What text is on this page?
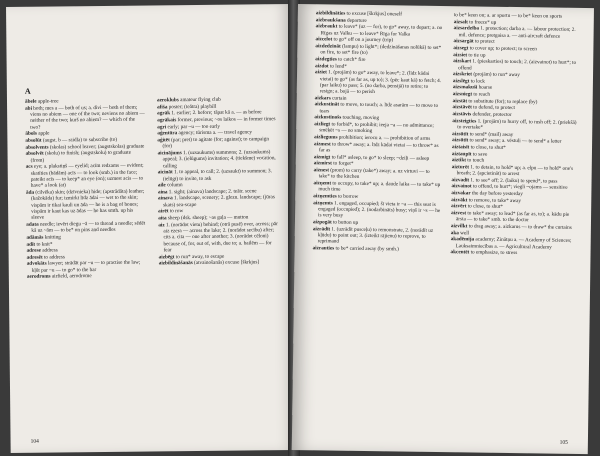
A
ābele apple-tree
abi both; mes a — both of us; a. divi — both of them; viens no abiem — one of the two; neviens no abiem — neither of the two; kurš no abiem? — which of the two?
ābols apple
absolūt (augst. b — raidla) to subscribe (to)
absolvents (skolas) school leaver; (augstskolas) graduate
absolvēt (skolu) to finish; (augstskolu) to graduate (from)
acs eye; a. plakstiņš — eyelid; acīm redzams — evident; skatīties (bādām) acīs — to look (smb.) in the face; pateikt acīs — to keep* an eye (on); uzmest acis — to have* a look (at)
āda (cilvēka) skin; (dzīvnieka) hide; (apstrādāta) leather; (kažokāda) fur; izmirkt līdz ādai — wet to the skin; vispām ir tikai kauli un āda — he is a bag of bones; vispām ir kaut kas uz ādas — he has smth. up his sleeve
adata needle; ievērt diegu ~ā — to thread a needle; sēdēt kā uz ~ām — to be* on pins and needles
adāmās knitting
adīt to knit*
adrese address
adresēt to address
advokāts lawyer; strādāt par ~u — to practise the law; kļūt par ~u — to go* to the bar
aerodroms airfield, aerodrome
aeroklubs amateur flying club
afiša poster; (teātra) playbill
agrāk 1. earlier; 2. before; tāpat kā a. — as before
agrākais former, previous; ~os laikos — in former times
agri early; par ~u — too early
aģentūra agency; tūrisma a. — travel agency
aģitēt (par; pret) to agitate (for; against); to campaign (for)
aicinājums 1. (uzsaukums) summons; 2. (uzsaukums) appeal; 3. (ielūgums) invitation; 4. (tiekšme) vocation, calling
aicināt 1. to appeal, to call; 2. (uzsaukt) to summon; 3. (ielūgt) to invite, to ask
aile column
aina 1. sight; (ainava) landscape; 2. teātr. scene
ainava 1. landscape, scenery; 2. glezn. landscape; (jūras skats) sea-scape
airēt to row
aita sheep (dsk. sheep); ~as gaļa — mutton
aiz 1. (norādot vietu) behind; (otrā pusē) over, across; pār aiz ezera — across the lake; 2. (norādot secību) after; cits a. cita — one after another; 3. (norādot cēloni) because of, for, out of, with, due to; a. bailēm — for fear
aizbēgt to run* away, to escape
aizbildināšanās (atvainošanās) excuse [škrkjus]
104
aizbildināties to excuse [škrkjus] oneself
aizbraukšana departure
aizbraukt to leave* (uz — for), to go* away, to depart; a. no Rīgas uz Valku — to leave* Rīga for Valka
aizcelot to go* off on a journey (trip)
aizdedzināt (lampu) to light*; (dedzināšanas nolūkā) to set* on fire, to set* fire (to)
aizdegties to catch* fire
aizdot to lend*
aiziet 1. (projām) to go* away, to leave*; 2. (līdz kādai vietai) to go* (as far as, up to); 3. (pēc kaut kā) to fetch; 4. (par laiku) to pass; 5. (no darba, pensijā) to retire; to resign; a. bojā — to perish
aizkars curtain
aizkustināt to move, to touch; a. līdz asarām — to move to tears
aizkustinošs touching, moving
aizliegt to forbid*, to prohibit; ieeja ~a — no admittance; smēķēt ~s — no smoking
aizliegums prohibition; ierocu a. — prohibition of arms
aizmest to throw* away; a. līdz kādai vietai — to throw* as far as
aizmigt to fall* asleep, to go* to sleep; ~dziļi — asleep
aizmirst to forget*
aiznest (prom) to carry (take*) away; a. uz virtuvi — to take* to the kitchen
aizņemt to occupy, to take* up; a. daudz laika — to take* up much time
aizņemties to borrow
aizņemts 1. engaged, occupied; šī vieta ir ~a — this seat is engaged (occupied); 2. (nodarbināts) busy; viņš ir ~s — he is very busy
aizpogāt to button up
aizrādīt 1. (uzrādīt pusceļu) to remonstrate, 2. (norādīt uz kļūdu) to point out; 3. (izteikt rājienu) to reprove, to reprimand
aizrauties to be* carried away (by smth.)
to be* keen on; a. ar sportu — to be* keen on sports
aizsalt to freeze* up
aizsardzība 1. protection; darba a. — labour protection; 2. mil. defence; pretgaisa a. — anti-aircraft defence
aizsargāt to protect
aizsegt to cover up; to protect; to screen
aizsiet to tie up
aizskart 1. (pieskarties) to touch; 2. (aizvainot) to hurt*; to offend
aizskriet (projām) to run* away
aizslēgt to lock
aizsmakuši hoarse
aizsniegt to reach
aizstāt to substitute (for); to replace (by)
aizstāvēt to defend, to protect
aizstāvis defender, protector
aizsteigties 1. (projām) to hurry off, to rush off; 2. (priekšā) to overtake*
aizsūtīt to send* (mail) away
aizsūtīt to send* away; a. vēstuli — to send* a letter
aiztaisīt to close, to shut*
aiztaupīt to save
aiztikt to touch
aizturēt 1. to detain, to hold* up; a. elpu — to hold* one's breath; 2. (apcietināt) to arrest
aizvadīt 1. to see* off; 2. (laiku) to spend*, to pass
aizvainot to offend, to hurt*; viegli ~ojams — sensitive
aizvakar the day before yesterday
aizvākt to remove, to take* away
aizvērt to close, to shut*
aizvest to take* away; to lead* (as far as, to); a. kādu pie ārsta — to take* smb. to the doctor
aizvilkt to drag away; a. aizkarus — to draw* the curtains
aka well
akadēmija academy; Zinātņu a. — Academy of Sciences; Lauksaimniecības a. — Agricultural Academy
akcentēt to emphasize, to stress
105
